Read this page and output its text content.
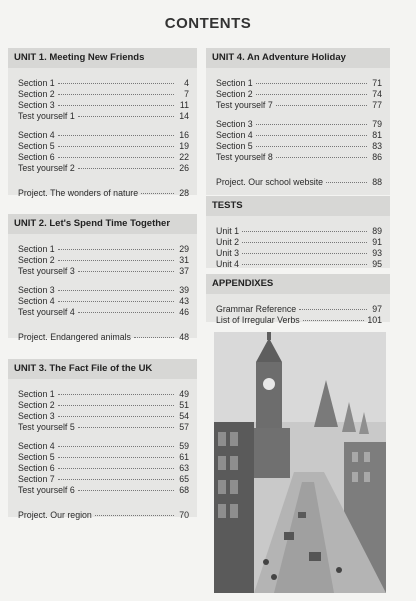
CONTENTS
UNIT 1. Meeting New Friends
Section 1	4
Section 2	7
Section 3	11
Test yourself 1	14
Section 4	16
Section 5	19
Section 6	22
Test yourself 2	26
Project. The wonders of nature	28
UNIT 2. Let's Spend Time Together
Section 1	29
Section 2	31
Test yourself 3	37
Section 3	39
Section 4	43
Test yourself 4	46
Project. Endangered animals	48
UNIT 3. The Fact File of the UK
Section 1	49
Section 2	51
Section 3	54
Test yourself 5	57
Section 4	59
Section 5	61
Section 6	63
Section 7	65
Test yourself 6	68
Project. Our region	70
UNIT 4. An Adventure Holiday
Section 1	71
Section 2	74
Test yourself 7	77
Section 3	79
Section 4	81
Section 5	83
Test yourself 8	86
Project. Our school website	88
TESTS
Unit 1	89
Unit 2	91
Unit 3	93
Unit 4	95
APPENDIXES
Grammar Reference	97
List of Irregular Verbs	101
